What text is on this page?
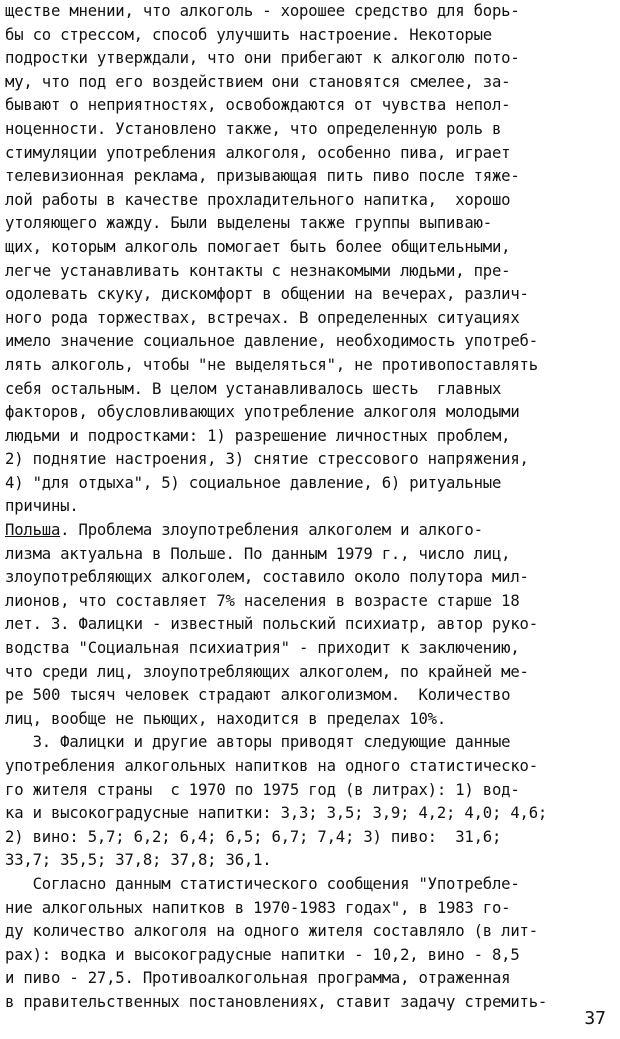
ществе мнении, что алкоголь - хорошее средство для борь-
бы со стрессом, способ улучшить настроение. Некоторые
подростки утверждали, что они прибегают к алкоголю пото-
му, что под его воздействием они становятся смелее, за-
бывают о неприятностях, освобождаются от чувства непол-
ноценности. Установлено также, что определенную роль в
стимуляции употребления алкоголя, особенно пива, играет
телевизионная реклама, призывающая пить пиво после тяже-
лой работы в качестве прохладительного напитка,  хорошо
утоляющего жажду. Были выделены также группы выпиваю-
щих, которым алкоголь помогает быть более общительными,
легче устанавливать контакты с незнакомыми людьми, пре-
одолевать скуку, дискомфорт в общении на вечерах, различ-
ного рода торжествах, встречах. В определенных ситуациях
имело значение социальное давление, необходимость употреб-
лять алкоголь, чтобы "не выделяться", не противопоставлять
себя остальным. В целом устанавливалось шесть  главных
факторов, обусловливающих употребление алкоголя молодыми
людьми и подростками: 1) разрешение личностных проблем,
2) поднятие настроения, 3) снятие стрессового напряжения,
4) "для отдыха", 5) социальное давление, 6) ритуальные
причины.
Польша. Проблема злоупотребления алкоголем и алкого-
лизма актуальна в Польше. По данным 1979 г., число лиц,
злоупотребляющих алкоголем, составило около полутора мил-
лионов, что составляет 7% населения в возрасте старше 18
лет. З. Фалицки - известный польский психиатр, автор руко-
водства "Социальная психиатрия" - приходит к заключению,
что среди лиц, злоупотребляющих алкоголем, по крайней ме-
ре 500 тысяч человек страдают алкоголизмом.  Количество
лиц, вообще не пьющих, находится в пределах 10%.
З. Фалицки и другие авторы приводят следующие данные
употребления алкогольных напитков на одного статистическо-
го жителя страны  с 1970 по 1975 год (в литрах): 1) вод-
ка и высокоградусные напитки: 3,3; 3,5; 3,9; 4,2; 4,0; 4,6;
2) вино: 5,7; 6,2; 6,4; 6,5; 6,7; 7,4; 3) пиво:  31,6;
33,7; 35,5; 37,8; 37,8; 36,1.
Согласно данным статистического сообщения "Употребле-
ние алкогольных напитков в 1970-1983 годах", в 1983 го-
ду количество алкоголя на одного жителя составляло (в лит-
рах): водка и высокоградусные напитки - 10,2, вино - 8,5
и пиво - 27,5. Противоалкогольная программа, отраженная
в правительственных постановлениях, ставит задачу стремить-
37
